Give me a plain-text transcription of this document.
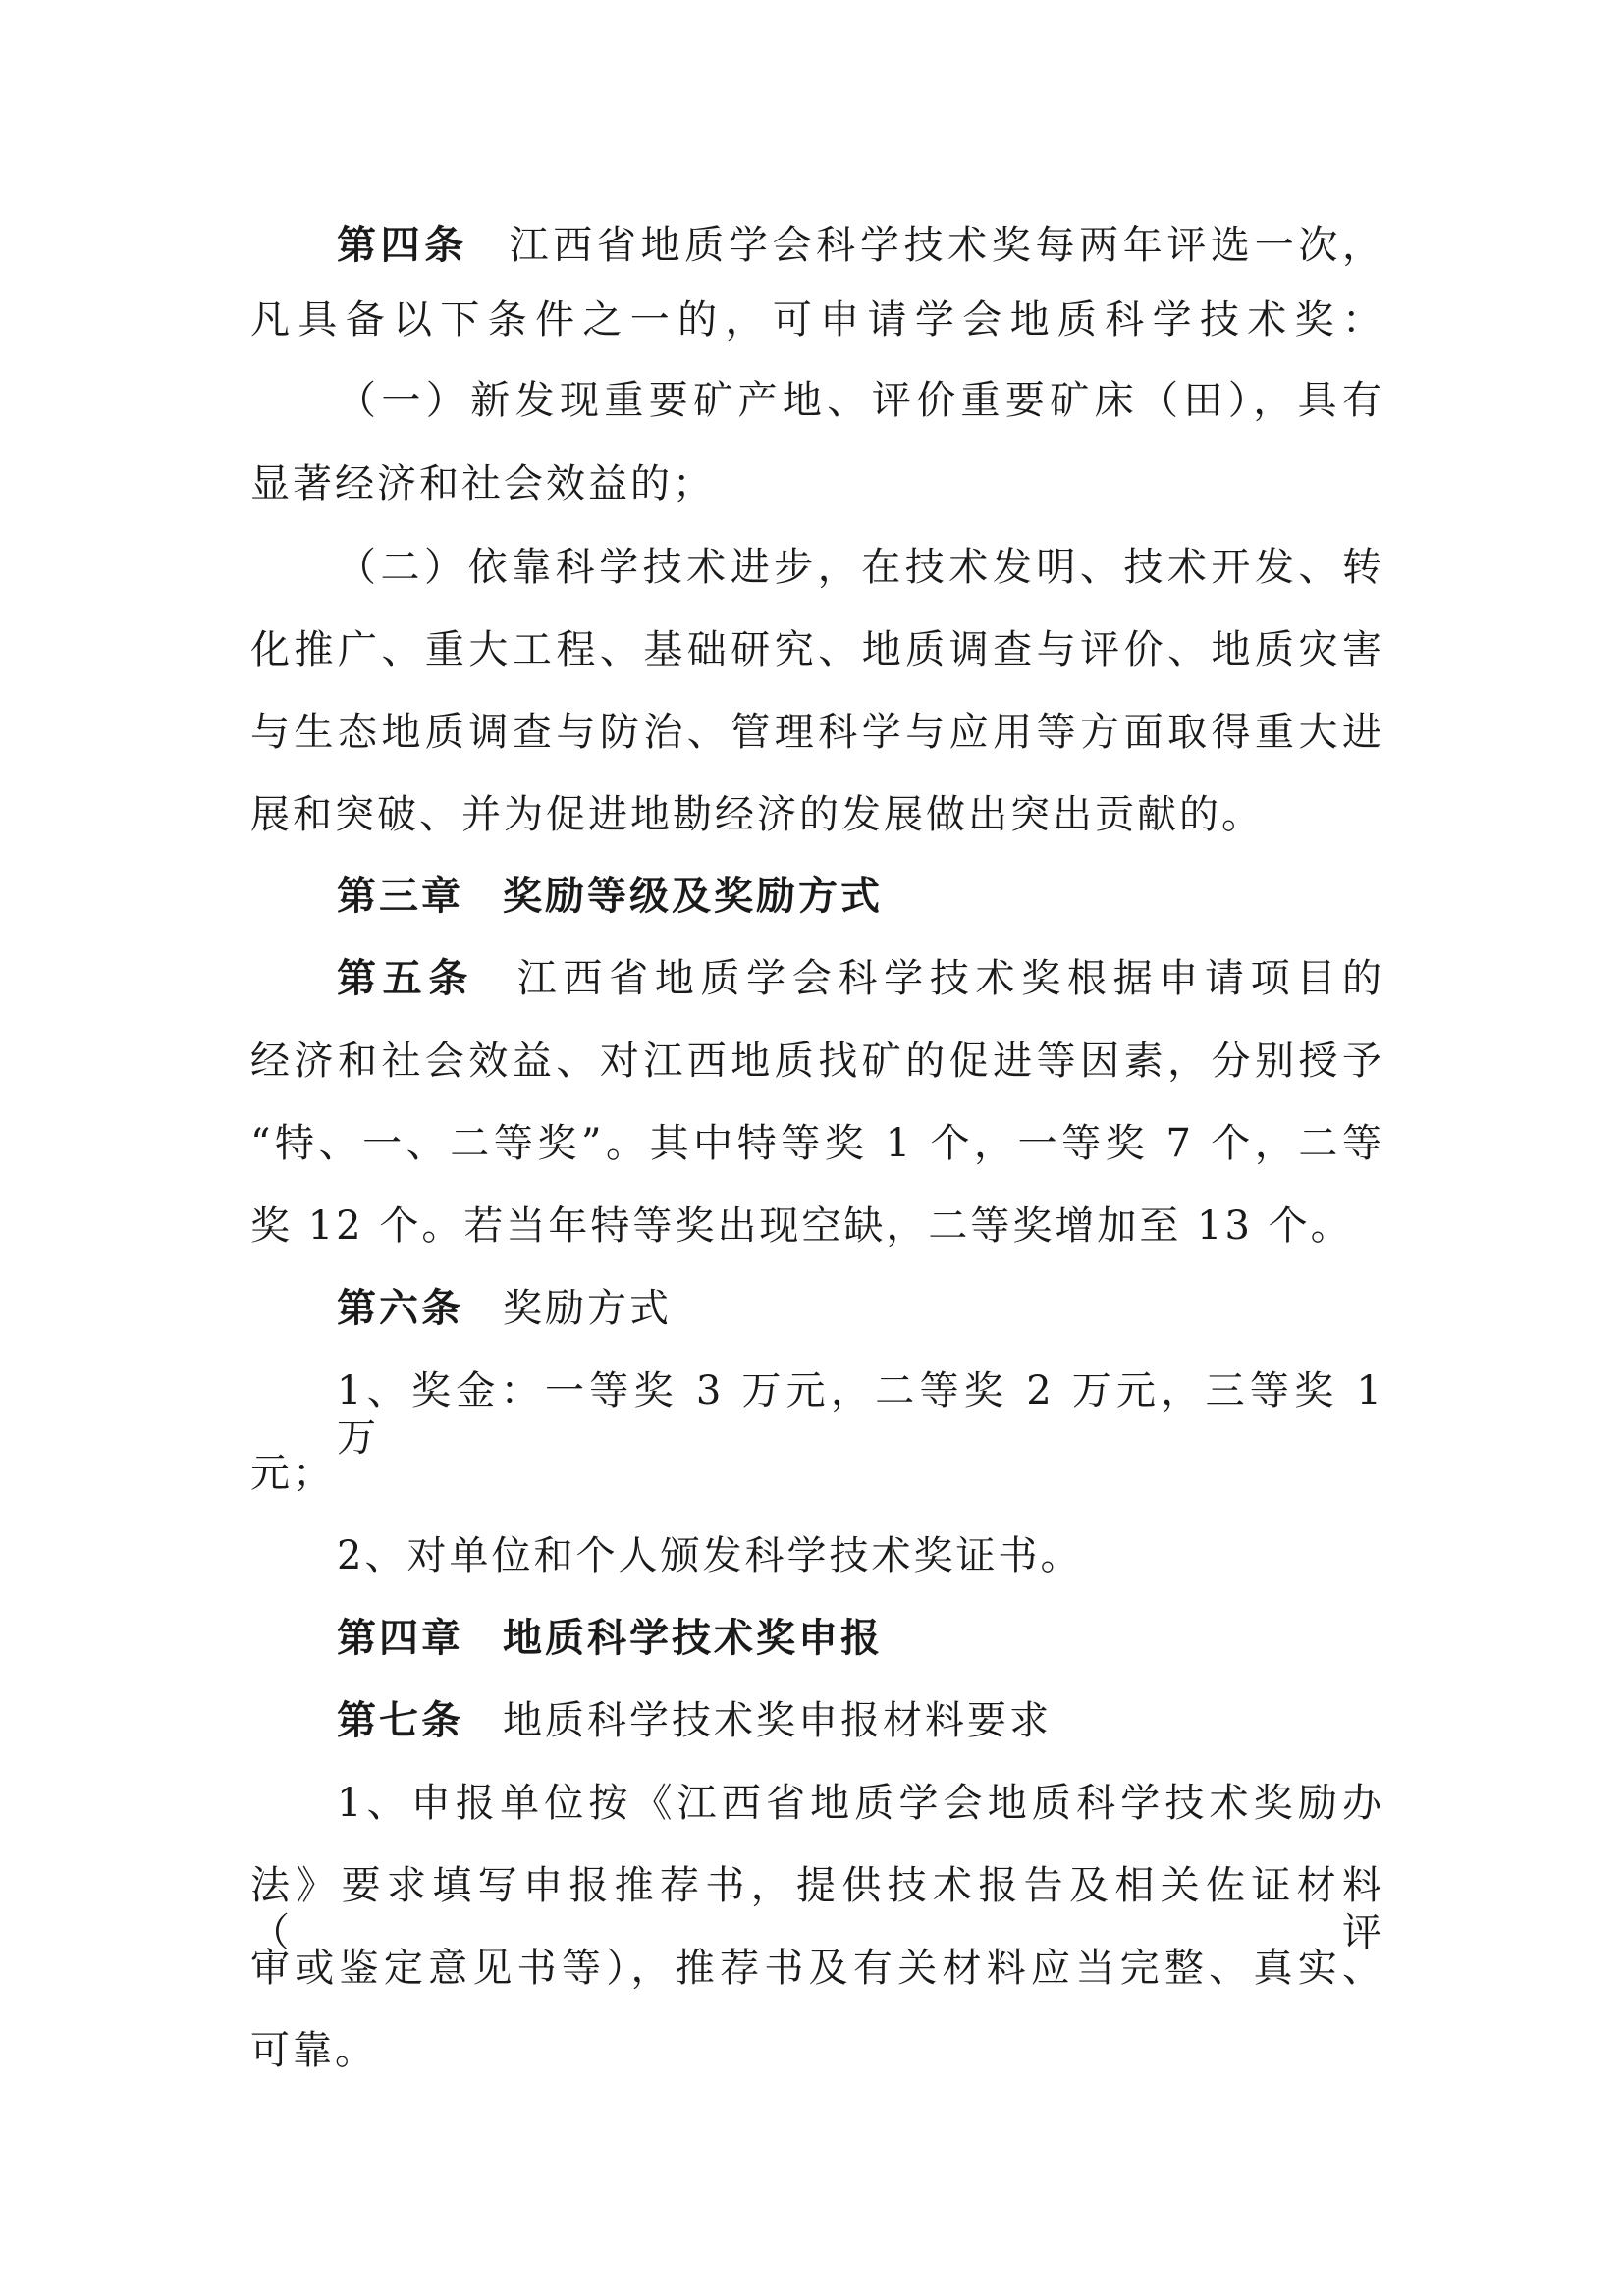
第四条 江西省地质学会科学技术奖每两年评选一次，
凡具备以下条件之一的，可申请学会地质科学技术奖：
（一）新发现重要矿产地、评价重要矿床（田），具有
显著经济和社会效益的；
（二）依靠科学技术进步，在技术发明、技术开发、转
化推广、重大工程、基础研究、地质调查与评价、地质灾害
与生态地质调查与防治、管理科学与应用等方面取得重大进
展和突破、并为促进地勘经济的发展做出突出贡献的。
第三章 奖励等级及奖励方式
第五条 江西省地质学会科学技术奖根据申请项目的
经济和社会效益、对江西地质找矿的促进等因素，分别授予
“特、一、二等奖”。其中特等奖 1 个，一等奖 7 个，二等
奖 12 个。若当年特等奖出现空缺，二等奖增加至 13 个。
第六条 奖励方式
1、奖金：一等奖 3 万元，二等奖 2 万元，三等奖 1 万
元；
2、对单位和个人颁发科学技术奖证书。
第四章 地质科学技术奖申报
第七条 地质科学技术奖申报材料要求
1、申报单位按《江西省地质学会地质科学技术奖励办
法》要求填写申报推荐书，提供技术报告及相关佐证材料（评
审或鉴定意见书等），推荐书及有关材料应当完整、真实、
可靠。
